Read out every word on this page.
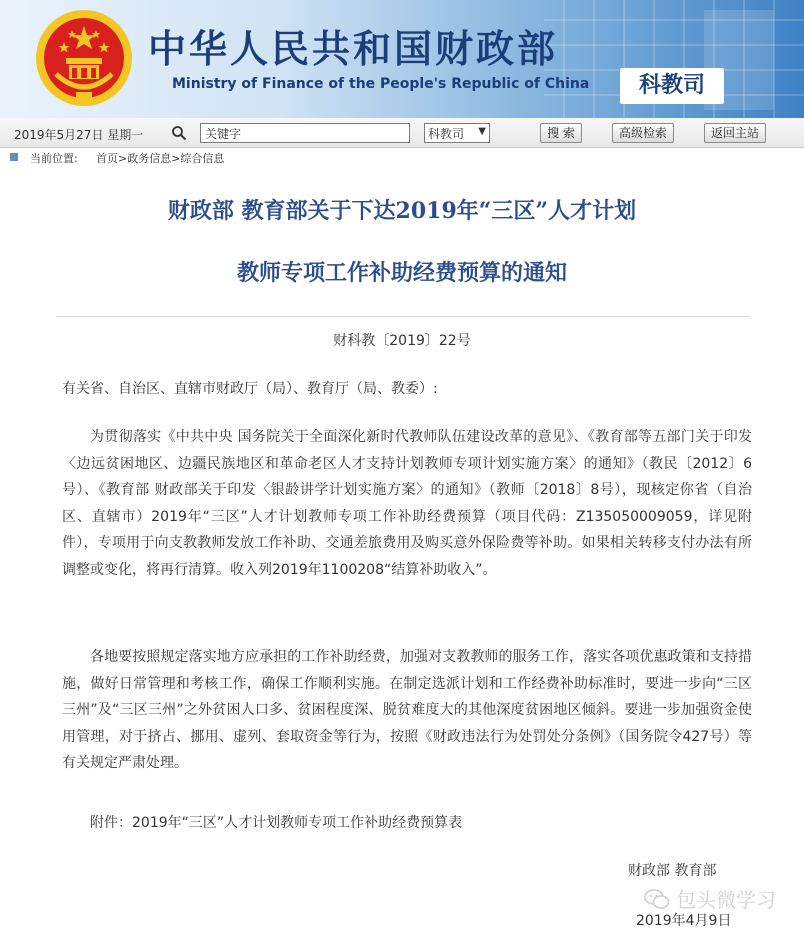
中华人民共和国财政部
Ministry of Finance of the People's Republic of China	科教司
2019年5月27日 星期一	关键字	科教司 ▼	搜 索	高级检索	返回主站
当前位置: 首页>政务信息>综合信息
财政部 教育部关于下达2019年“三区”人才计划
教师专项工作补助经费预算的通知
财科教〔2019〕22号
有关省、自治区、直辖市财政厅（局）、教育厅（局、教委）:
为贯彻落实《中共中央 国务院关于全面深化新时代教师队伍建设改革的意见》、《教育部等五部门关于印发〈边远贫困地区、边疆民族地区和革命老区人才支持计划教师专项计划实施方案〉的通知》（教民〔2012〕6号）、《教育部 财政部关于印发〈银龄讲学计划实施方案〉的通知》（教师〔2018〕8号），现核定你省（自治区、直辖市）2019年“三区”人才计划教师专项工作补助经费预算（项目代码：Z135050009059，详见附件），专项用于向支教教师发放工作补助、交通差旅费用及购买意外保险费等补助。如果相关转移支付办法有所调整或变化，将再行清算。收入列2019年1100208“结算补助收入”。
各地要按照规定落实地方应承担的工作补助经费，加强对支教教师的服务工作，落实各项优惠政策和支持措施，做好日常管理和考核工作，确保工作顺利实施。在制定选派计划和工作经费补助标准时，要进一步向“三区三州”及“三区三州”之外贫困人口多、贫困程度深、脱贫难度大的其他深度贫困地区倾斜。要进一步加强资金使用管理，对于挤占、挪用、虚列、套取资金等行为，按照《财政违法行为处罚处分条例》（国务院令427号）等有关规定严肃处理。
附件：2019年“三区”人才计划教师专项工作补助经费预算表
财政部 教育部
2019年4月9日
包头微学习
